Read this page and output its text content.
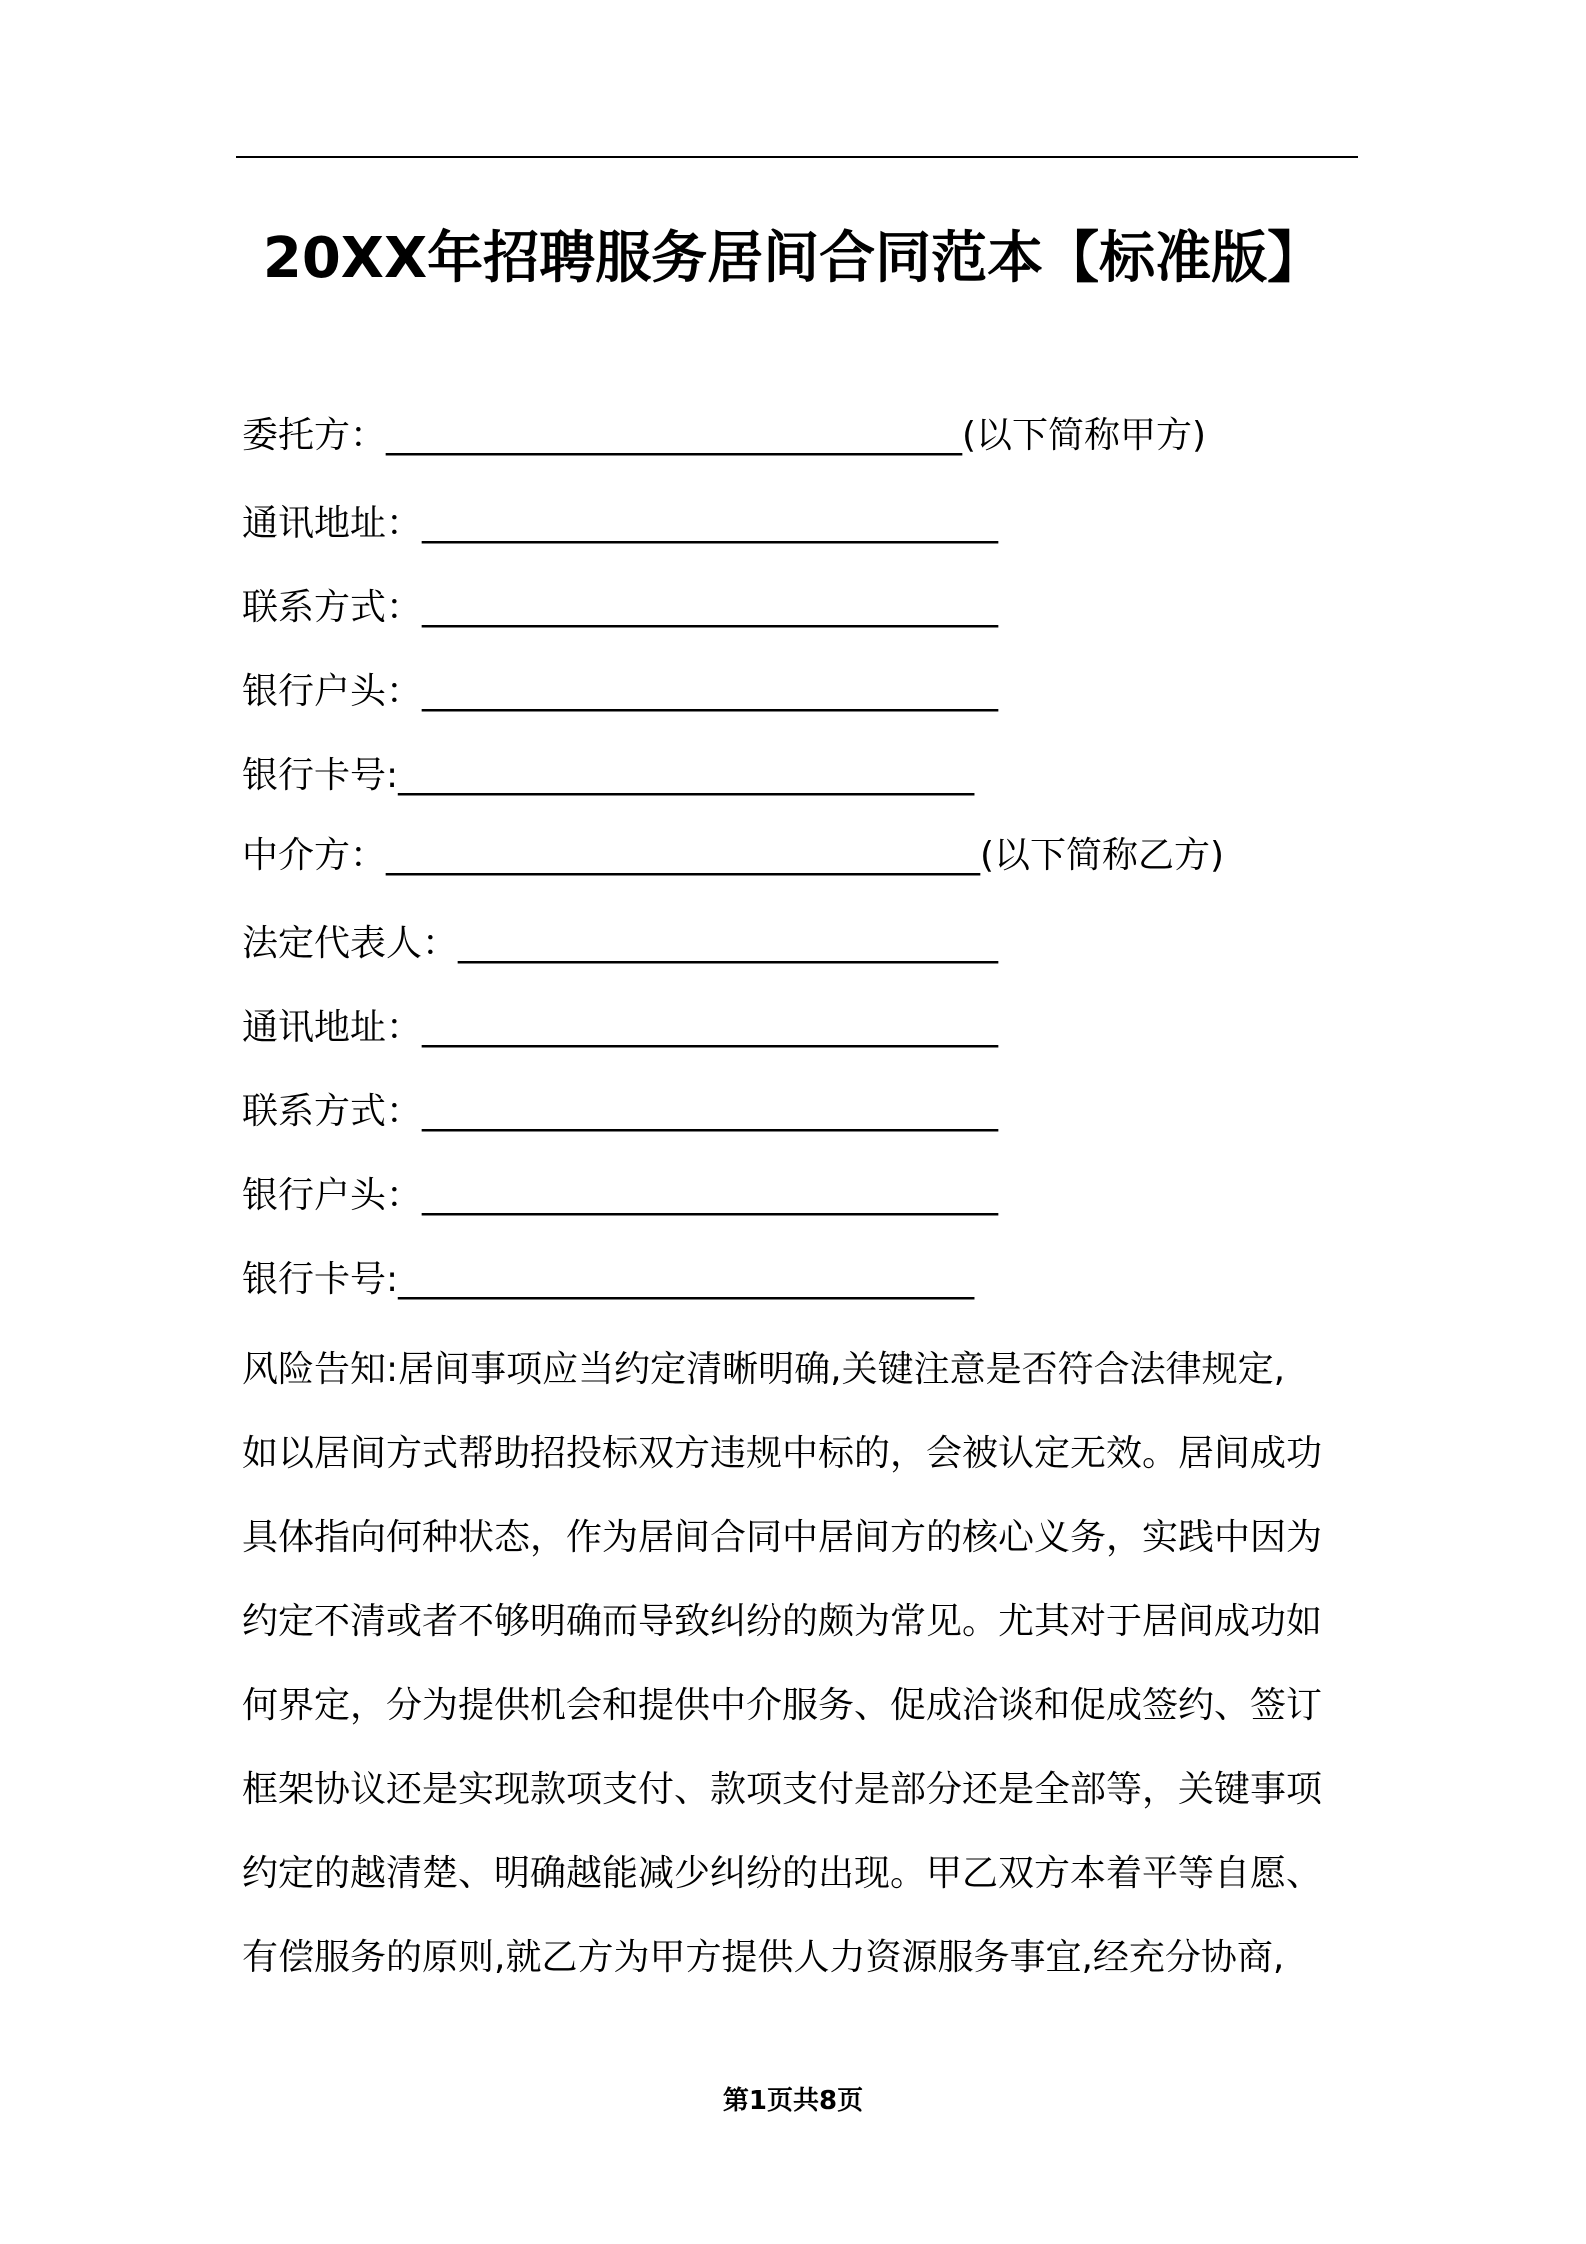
20XX年招聘服务居间合同范本【标准版】
委托方：________________________________(以下简称甲方)
通讯地址：________________________________
联系方式：________________________________
银行户头：________________________________
银行卡号:________________________________
中介方：_________________________________(以下简称乙方)
法定代表人：______________________________
通讯地址：________________________________
联系方式：________________________________
银行户头：________________________________
银行卡号:________________________________
风险告知:居间事项应当约定清晰明确,关键注意是否符合法律规定,
如以居间方式帮助招投标双方违规中标的，会被认定无效。居间成功
具体指向何种状态，作为居间合同中居间方的核心义务，实践中因为
约定不清或者不够明确而导致纠纷的颇为常见。尤其对于居间成功如
何界定，分为提供机会和提供中介服务、促成洽谈和促成签约、签订
框架协议还是实现款项支付、款项支付是部分还是全部等，关键事项
约定的越清楚、明确越能减少纠纷的出现。甲乙双方本着平等自愿、
有偿服务的原则,就乙方为甲方提供人力资源服务事宜,经充分协商,
第1页共8页
